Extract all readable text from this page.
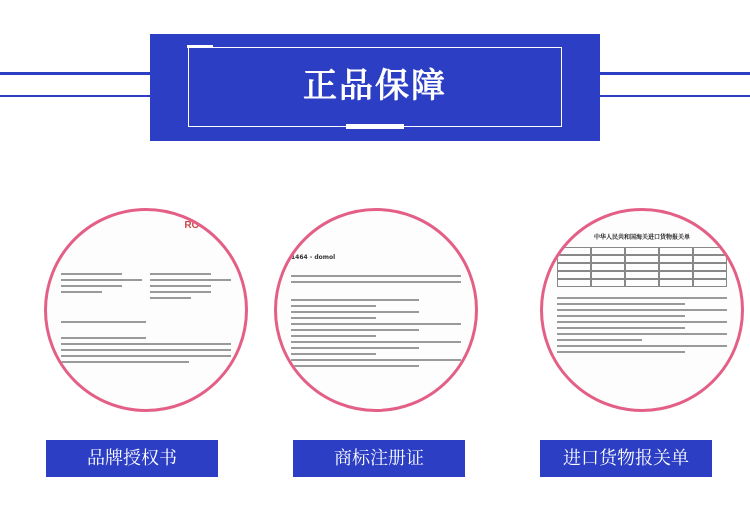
正品保障
ROSSM
1464 - domol
中华人民共和国海关进口货物报关单
品牌授权书	商标注册证	进口货物报关单
